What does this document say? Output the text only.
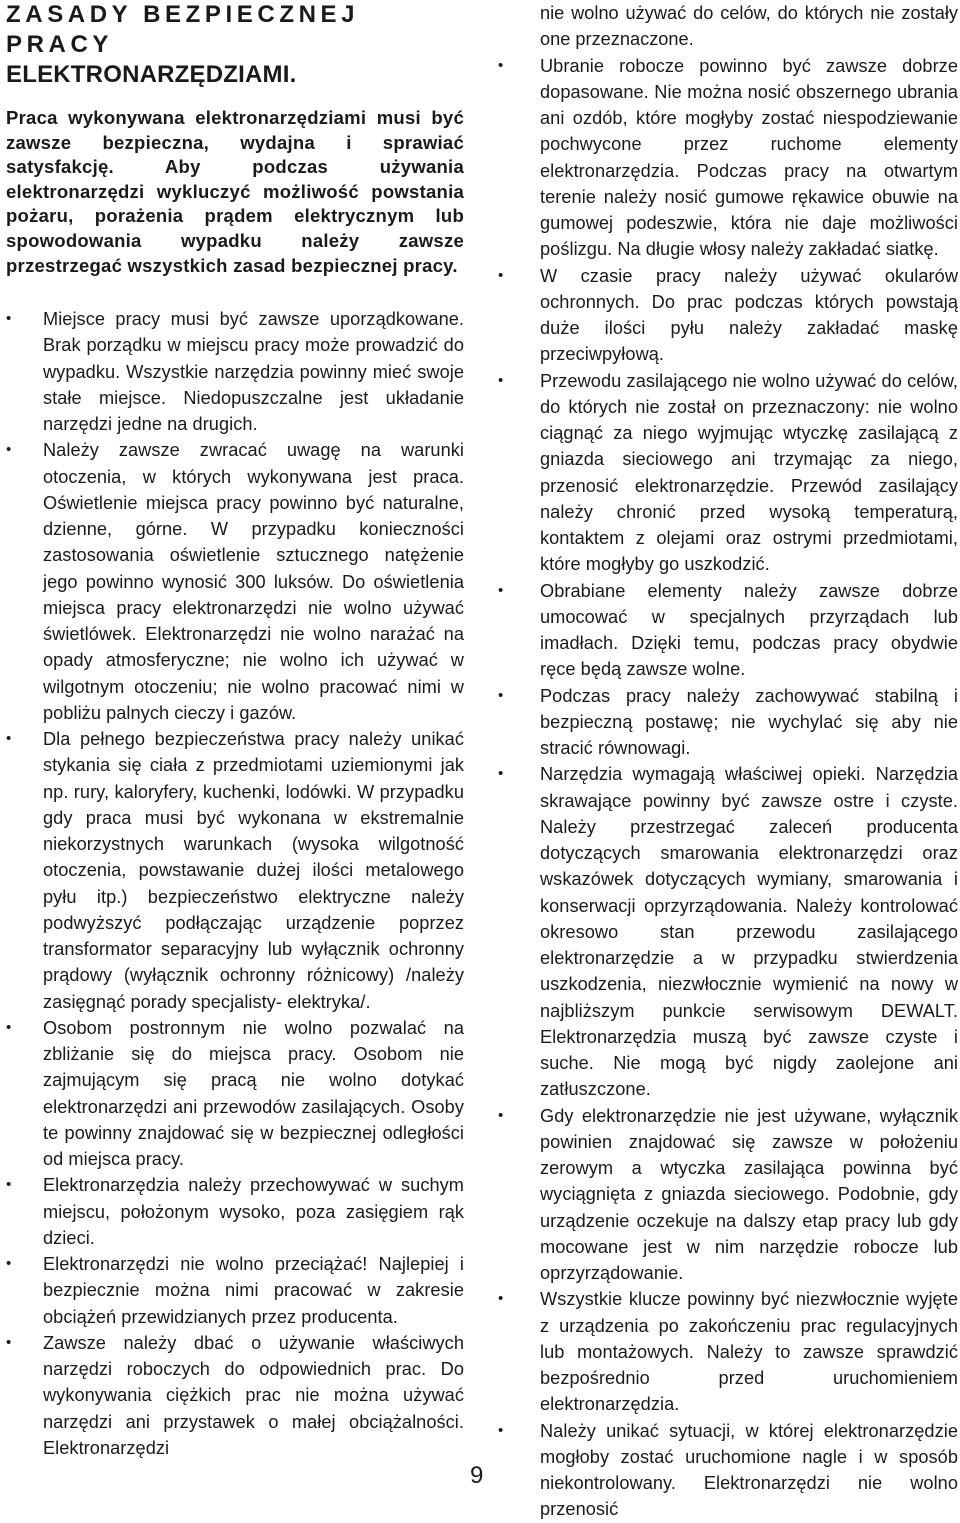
ZASADY BEZPIECZNEJ PRACY
ELEKTRONARZĘDZIAMI.

Praca wykonywana elektronarzędziami musi być zawsze bezpieczna, wydajna i sprawiać satysfakcję. Aby podczas używania elektronarzędzi wykluczyć możliwość powstania pożaru, porażenia prądem elektrycznym lub spowodowania wypadku należy zawsze przestrzegać wszystkich zasad bezpiecznej pracy.

•	Miejsce pracy musi być zawsze uporządkowane. Brak porządku w miejscu pracy może prowadzić do wypadku. Wszystkie narzędzia powinny mieć swoje stałe miejsce. Niedopuszczalne jest układanie narzędzi jedne na drugich.
•	Należy zawsze zwracać uwagę na warunki otoczenia, w których wykonywana jest praca. Oświetlenie miejsca pracy powinno być naturalne, dzienne, górne. W przypadku konieczności zastosowania oświetlenie sztucznego natężenie jego powinno wynosić 300 luksów. Do oświetlenia miejsca pracy elektronarzędzi nie wolno używać świetlówek. Elektronarzędzi nie wolno narażać na opady atmosferyczne; nie wolno ich używać w wilgotnym otoczeniu; nie wolno pracować nimi w pobliżu palnych cieczy i gazów.
•	Dla pełnego bezpieczeństwa pracy należy unikać stykania się ciała z przedmiotami uziemionymi jak np. rury, kaloryfery, kuchenki, lodówki. W przypadku gdy praca musi być wykonana w ekstremalnie niekorzystnych warunkach (wysoka wilgotność otoczenia, powstawanie dużej ilości metalowego pyłu itp.) bezpieczeństwo elektryczne należy podwyższyć podłączając urządzenie poprzez transformator separacyjny lub wyłącznik ochronny prądowy (wyłącznik ochronny różnicowy) /należy zasięgnąć porady specjalisty- elektryka/.
•	Osobom postronnym nie wolno pozwalać na zbliżanie się do miejsca pracy. Osobom nie zajmującym się pracą nie wolno dotykać elektronarzędzi ani przewodów zasilających. Osoby te powinny znajdować się w bezpiecznej odległości od miejsca pracy.
•	Elektronarzędzia należy przechowywać w suchym miejscu, położonym wysoko, poza zasięgiem rąk dzieci.
•	Elektronarzędzi nie wolno przeciążać! Najlepiej i bezpiecznie można nimi pracować w zakresie obciążeń przewidzianych przez producenta.
•	Zawsze należy dbać o używanie właściwych narzędzi roboczych do odpowiednich prac. Do wykonywania ciężkich prac nie można używać narzędzi ani przystawek o małej obciążalności. Elektronarzędzi
nie wolno używać do celów, do których nie zostały one przeznaczone.
•	Ubranie robocze powinno być zawsze dobrze dopasowane. Nie można nosić obszernego ubrania ani ozdób, które mogłyby zostać niespodziewanie pochwycone przez ruchome elementy elektronarzędzia. Podczas pracy na otwartym terenie należy nosić gumowe rękawice obuwie na gumowej podeszwie, która nie daje możliwości poślizgu. Na długie włosy należy zakładać siatkę.
•	W czasie pracy należy używać okularów ochronnych. Do prac podczas których powstają duże ilości pyłu należy zakładać maskę przeciwpyłową.
•	Przewodu zasilającego nie wolno używać do celów, do których nie został on przeznaczony: nie wolno ciągnąć za niego wyjmując wtyczkę zasilającą z gniazda sieciowego ani trzymając za niego, przenosić elektronarzędzie. Przewód zasilający należy chronić przed wysoką temperaturą, kontaktem z olejami oraz ostrymi przedmiotami, które mogłyby go uszkodzić.
•	Obrabiane elementy należy zawsze dobrze umocować w specjalnych przyrządach lub imadłach. Dzięki temu, podczas pracy obydwie ręce będą zawsze wolne.
•	Podczas pracy należy zachowywać stabilną i bezpieczną postawę; nie wychylać się aby nie stracić równowagi.
•	Narzędzia wymagają właściwej opieki. Narzędzia skrawające powinny być zawsze ostre i czyste. Należy przestrzegać zaleceń producenta dotyczących smarowania elektronarzędzi oraz wskazówek dotyczących wymiany, smarowania i konserwacji oprzyrządowania. Należy kontrolować okresowo stan przewodu zasilającego elektronarzędzie a w przypadku stwierdzenia uszkodzenia, niezwłocznie wymienić na nowy w najbliższym punkcie serwisowym DEWALT. Elektronarzędzia muszą być zawsze czyste i suche. Nie mogą być nigdy zaolejone ani zatłuszczone.
•	Gdy elektronarzędzie nie jest używane, wyłącznik powinien znajdować się zawsze w położeniu zerowym a wtyczka zasilająca powinna być wyciągnięta z gniazda sieciowego. Podobnie, gdy urządzenie oczekuje na dalszy etap pracy lub gdy mocowane jest w nim narzędzie robocze lub oprzyrządowanie.
•	Wszystkie klucze powinny być niezwłocznie wyjęte z urządzenia po zakończeniu prac regulacyjnych lub montażowych. Należy to zawsze sprawdzić bezpośrednio przed uruchomieniem elektronarzędzia.
•	Należy unikać sytuacji, w której elektronarzędzie mogłoby zostać uruchomione nagle i w sposób niekontrolowany. Elektronarzędzi nie wolno przenosić
9
